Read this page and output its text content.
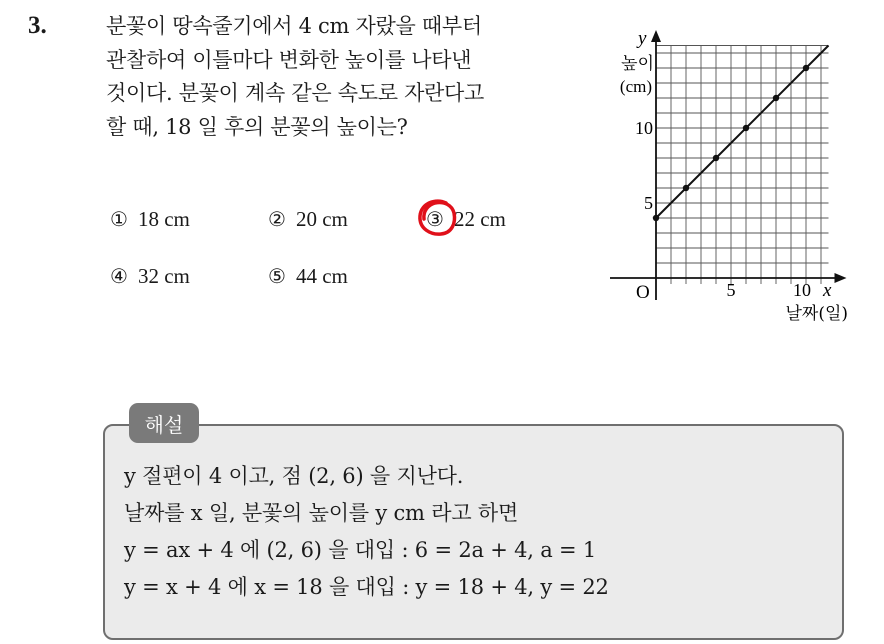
3.	분꽃이 땅속줄기에서 4 cm 자랐을 때부터
관찰하여 이틀마다 변화한 높이를 나타낸
것이다. 분꽃이 계속 같은 속도로 자란다고
할 때, 18 일 후의 분꽃의 높이는?
① 18 cm	② 20 cm	③ 22 cm
④ 32 cm	⑤ 44 cm
높이
(cm)
y
x
O	5	10
5
10
날짜(일)
해설
y 절편이 4 이고, 점 (2, 6) 을 지난다.
날짜를 x 일, 분꽃의 높이를 y cm 라고 하면
y = ax + 4 에 (2, 6) 을 대입 : 6 = 2a + 4, a = 1
y = x + 4 에 x = 18 을 대입 : y = 18 + 4, y = 22
